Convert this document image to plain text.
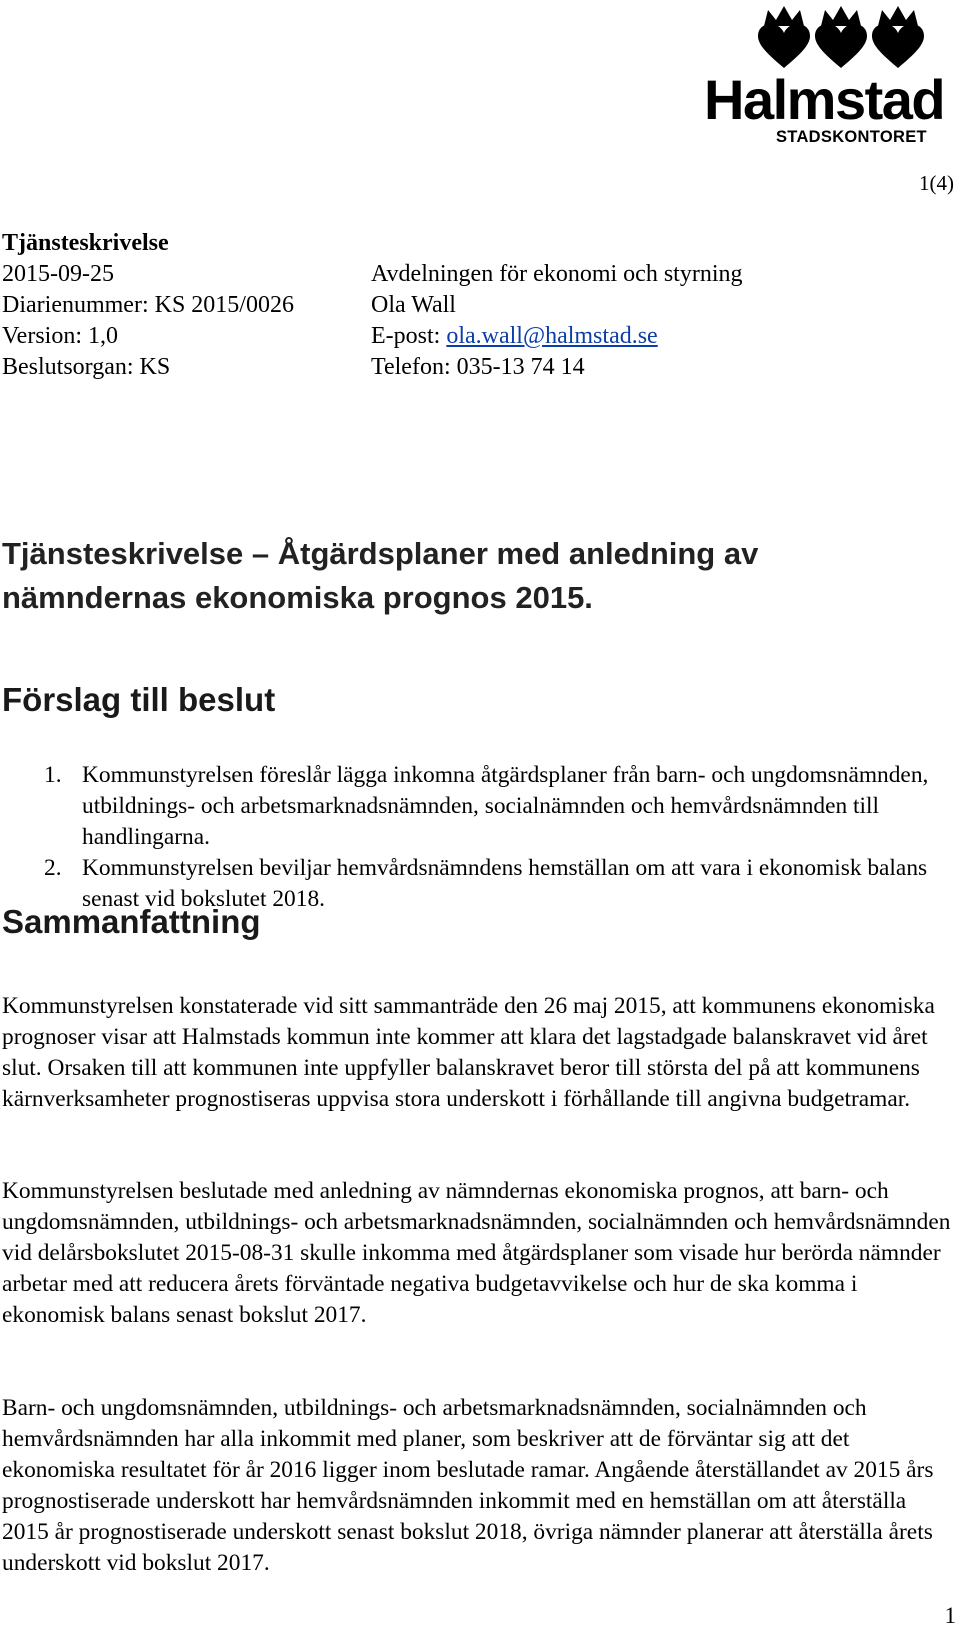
Halmstad
STADSKONTORET
1(4)
Tjänsteskrivelse
2015-09-25
Diarienummer: KS 2015/0026
Version: 1,0
Beslutsorgan: KS
Avdelningen för ekonomi och styrning
Ola Wall
E-post: ola.wall@halmstad.se
Telefon: 035-13 74 14
Tjänsteskrivelse – Åtgärdsplaner med anledning av
nämndernas ekonomiska prognos 2015.
Förslag till beslut
1. Kommunstyrelsen föreslår lägga inkomna åtgärdsplaner från barn- och ungdomsnämnden, utbildnings- och arbetsmarknadsnämnden, socialnämnden och hemvårdsnämnden till handlingarna.
2. Kommunstyrelsen beviljar hemvårdsnämndens hemställan om att vara i ekonomisk balans senast vid bokslutet 2018.
Sammanfattning
Kommunstyrelsen konstaterade vid sitt sammanträde den 26 maj 2015, att kommunens ekonomiska prognoser visar att Halmstads kommun inte kommer att klara det lagstadgade balanskravet vid året slut. Orsaken till att kommunen inte uppfyller balanskravet beror till största del på att kommunens kärnverksamheter prognostiseras uppvisa stora underskott i förhållande till angivna budgetramar.
Kommunstyrelsen beslutade med anledning av nämndernas ekonomiska prognos, att barn- och ungdomsnämnden, utbildnings- och arbetsmarknadsnämnden, socialnämnden och hemvårdsnämnden vid delårsbokslutet 2015-08-31 skulle inkomma med åtgärdsplaner som visade hur berörda nämnder arbetar med att reducera årets förväntade negativa budgetavvikelse och hur de ska komma i ekonomisk balans senast bokslut 2017.
Barn- och ungdomsnämnden, utbildnings- och arbetsmarknadsnämnden, socialnämnden och hemvårdsnämnden har alla inkommit med planer, som beskriver att de förväntar sig att det ekonomiska resultatet för år 2016 ligger inom beslutade ramar. Angående återställandet av 2015 års prognostiserade underskott har hemvårdsnämnden inkommit med en hemställan om att återställa 2015 år prognostiserade underskott senast bokslut 2018, övriga nämnder planerar att återställa årets underskott vid bokslut 2017.
1
